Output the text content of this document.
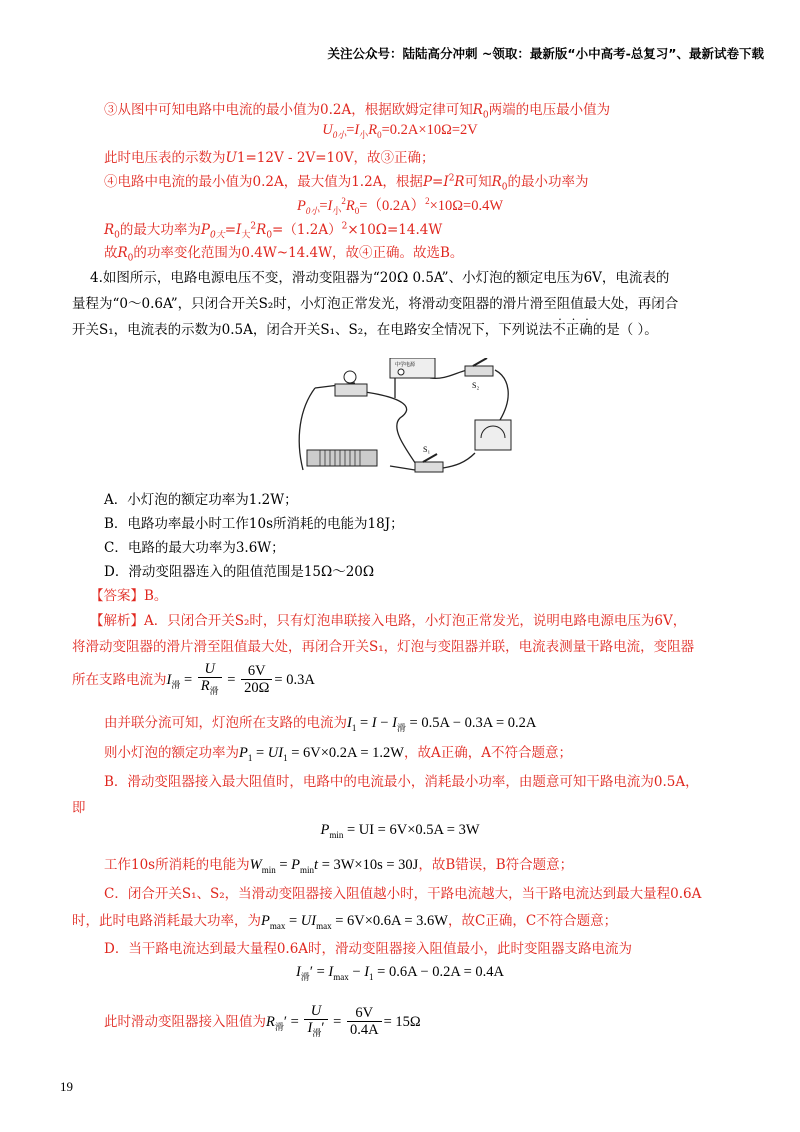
关注公众号：陆陆高分冲刺 ~领取：最新版“小中高考-总复习”、最新试卷下载
③从图中可知电路中电流的最小值为0.2A，根据欧姆定律可知$R_0$两端的电压最小值为
$U_{0小}=I_小R_0=0.2A\times 10\Omega=2V$
此时电压表的示数为U1=12V - 2V=10V，故③正确；
④电路中电流的最小值为0.2A，最大值为1.2A，根据$P=I^2R$可知$R_0$的最小功率为
$P_{0小}=I_小^2R_0=(0.2A)^2\times 10\Omega=0.4W$
$R_0$的最大功率为$P_{0大}=I_大^2R_0=(1.2A)^2\times 10\Omega=14.4W$
故$R_0$的功率变化范围为0.4W~14.4W，故④正确。故选B。
4.如图所示，电路电源电压不变，滑动变阻器为“20Ω 0.5A”、小灯泡的额定电压为6V，电流表的
量程为“0～0.6A”，只闭合开关S₂时，小灯泡正常发光，将滑动变阻器的滑片滑至阻值最大处，再闭合
开关S₁，电流表的示数为0.5A，闭合开关S₁、S₂，在电路安全情况下，下列说法不正确的是（ ）。
中学电源
S₂
S₁
A．小灯泡的额定功率为1.2W；
B．电路功率最小时工作10s所消耗的电能为18J；
C．电路的最大功率为3.6W；
D．滑动变阻器连入的阻值范围是15Ω～20Ω
【答案】B。
【解析】A．只闭合开关S₂时，只有灯泡串联接入电路，小灯泡正常发光，说明电路电源电压为6V，
将滑动变阻器的滑片滑至阻值最大处，再闭合开关S₁，灯泡与变阻器并联，电流表测量干路电流，变阻器
所在支路电流为$I_滑 = \frac{U}{R_滑} = \frac{6V}{20\Omega} = 0.3A$
由并联分流可知，灯泡所在支路的电流为$I_1 = I - I_滑 = 0.5A - 0.3A = 0.2A$
则小灯泡的额定功率为$P_1 = UI_1 = 6V\times 0.2A = 1.2W$，故A正确，A不符合题意；
B．滑动变阻器接入最大阻值时，电路中的电流最小，消耗最小功率，由题意可知干路电流为0.5A，
即
$P_{min}$ = UI = 6V×0.5A = 3W
工作10s所消耗的电能为$W_{min} = P_{min}t = 3W\times 10s = 30J$，故B错误，B符合题意；
C．闭合开关S₁、S₂，当滑动变阻器接入阻值越小时，干路电流越大，当干路电流达到最大量程0.6A
时，此时电路消耗最大功率，为$P_{max} = UI_{max} = 6V\times 0.6A = 3.6W$，故C正确，C不符合题意；
D．当干路电流达到最大量程0.6A时，滑动变阻器接入阻值最小，此时变阻器支路电流为
$I_滑' = I_{max} - I_1 = 0.6A - 0.2A = 0.4A$
此时滑动变阻器接入阻值为$R_滑' = \frac{U}{I_滑'} = \frac{6V}{0.4A} = 15\Omega$
19
